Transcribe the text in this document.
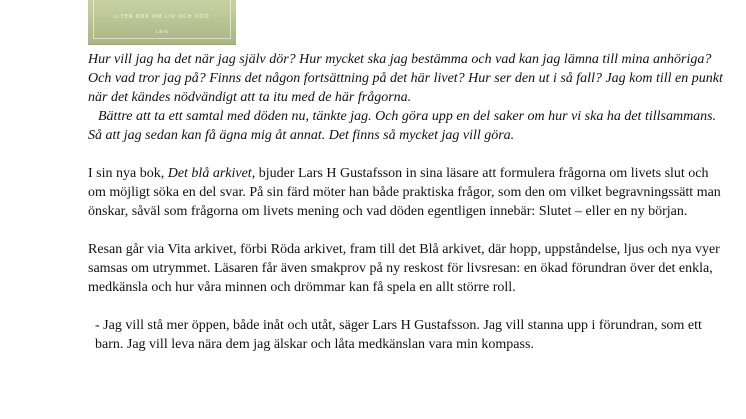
LITEN BOK OM LIV OCH DÖD
Libris

Hur vill jag ha det när jag själv dör? Hur mycket ska jag bestämma och vad kan jag lämna till mina anhöriga? Och vad tror jag på? Finns det någon fortsättning på det här livet? Hur ser den ut i så fall? Jag kom till en punkt när det kändes nödvändigt att ta itu med de här frågorna.

Bättre att ta ett samtal med döden nu, tänkte jag. Och göra upp en del saker om hur vi ska ha det tillsammans. Så att jag sedan kan få ägna mig åt annat. Det finns så mycket jag vill göra.

I sin nya bok, Det blå arkivet, bjuder Lars H Gustafsson in sina läsare att formulera frågorna om livets slut och om möjligt söka en del svar. På sin färd möter han både praktiska frågor, som den om vilket begravningssätt man önskar, såväl som frågorna om livets mening och vad döden egentligen innebär: Slutet – eller en ny början.

Resan går via Vita arkivet, förbi Röda arkivet, fram till det Blå arkivet, där hopp, uppståndelse, ljus och nya vyer samsas om utrymmet. Läsaren får även smakprov på ny reskost för livsresan: en ökad förundran över det enkla, medkänsla och hur våra minnen och drömmar kan få spela en allt större roll.

- Jag vill stå mer öppen, både inåt och utåt, säger Lars H Gustafsson. Jag vill stanna upp i förundran, som ett barn. Jag vill leva nära dem jag älskar och låta medkänslan vara min kompass.
